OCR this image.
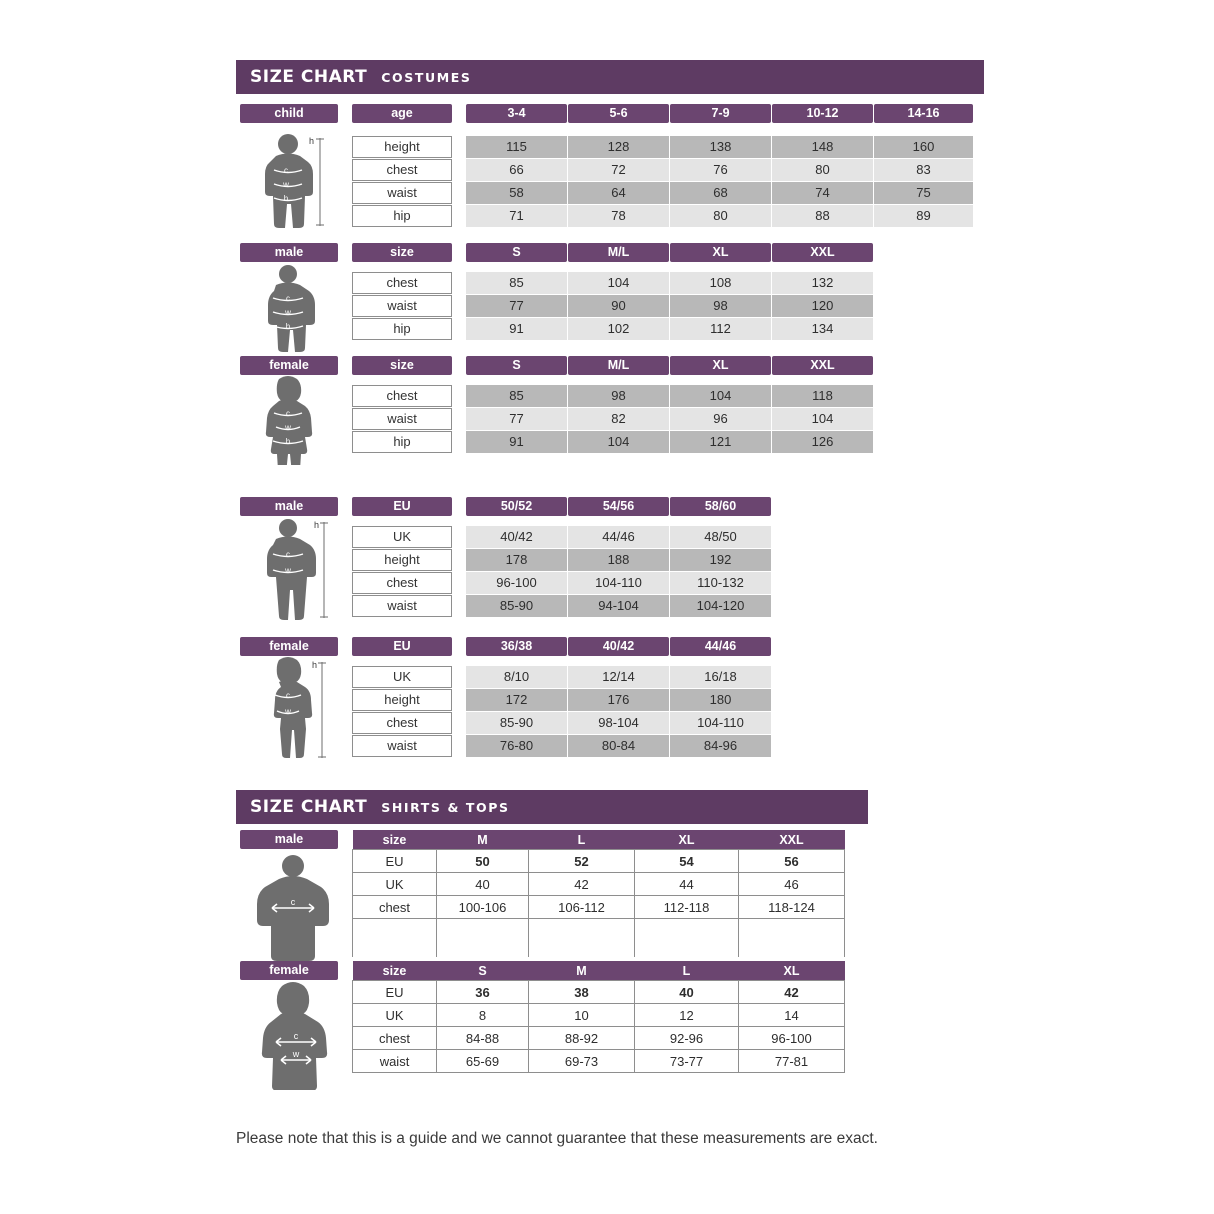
SIZE CHART COSTUMES
child	age	3-4	5-6	7-9	10-12	14-16
c
w
h
h	height	115	128	138	148	160
chest	66	72	76	80	83
waist	58	64	68	74	75
hip	71	78	80	88	89
male	size	S	M/L	XL	XXL
c
w
h
chest	85	104	108	132
waist	77	90	98	120
hip	91	102	112	134
female	size	S	M/L	XL	XXL
c
w
h
chest	85	98	104	118
waist	77	82	96	104
hip	91	104	121	126
male	EU	50/52	54/56	58/60
c
w
h
UK	40/42	44/46	48/50
height	178	188	192
chest	96-100	104-110	110-132
waist	85-90	94-104	104-120
female	EU	36/38	40/42	44/46
c
w
h
UK	8/10	12/14	16/18
height	172	176	180
chest	85-90	98-104	104-110
waist	76-80	80-84	84-96
SIZE CHART SHIRTS & TOPS
male
c
size	M	L	XL	XXL
EU	50	52	54	56
UK	40	42	44	46
chest	100-106	106-112	112-118	118-124

female
c
w
size	S	M	L	XL
EU	36	38	40	42
UK	8	10	12	14
chest	84-88	88-92	92-96	96-100
waist	65-69	69-73	73-77	77-81
Please note that this is a guide and we cannot guarantee that these measurements are exact.
